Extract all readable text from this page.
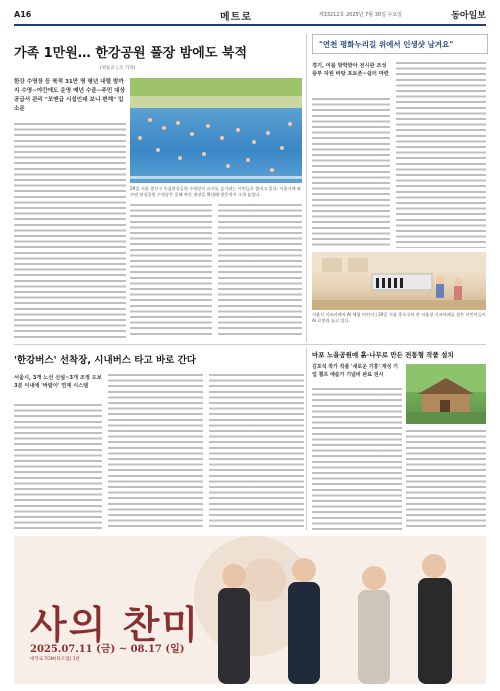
A16	메트로	제33212호 2025년 7월 30일 수요일	동아일보
가족 1만원… 한강공원 풀장 밤에도 북적
(영등포 | 조 기자)
한강 수영장 등 북적 31만 명 평년 내렬 밤까지 수영~야간에도 운영 예년 수준~주민 대상공급서 관리 "포맨급 시설인데 보니 편해" 입소문
29일 서울 광진구 뚝섬한강공원 수영장이 피서를 즐기려는 시민들로 붐비고 있다. 서울시에 따르면 한강공원 수영장은 올해 야간 개장을 확대해 방문객이 크게 늘었다.
"연천 평화누리길 위에서 인생샷 남겨요"
경기, 여름 방학맞아 전시관 조성 풍부 자원 바탕 포토존~쉼터 마련
서울시 키즈카페서 AI 체험 어린이 | 29일 서울 종로구의 한 서울형 키즈카페를 찾은 어린이들이 AI 로봇과 놀고 있다.
'한강버스' 선착장, 시내버스 타고 바로 간다
서울시, 3개 노선 신설~3개 조정 도보 3분 이내에 '바람이' 연계 시스템
마포 노을공원에 흙·나무로 만든 전통형 작품 설치
김포석 작가 작품 '새로운 기흥' 계성 기업 챔프 예술가 기념비 완료 전시
사의 찬미
2025.07.11 (금) ~ 08.17 (일)
대학로 TOM(티오엠) 1관
